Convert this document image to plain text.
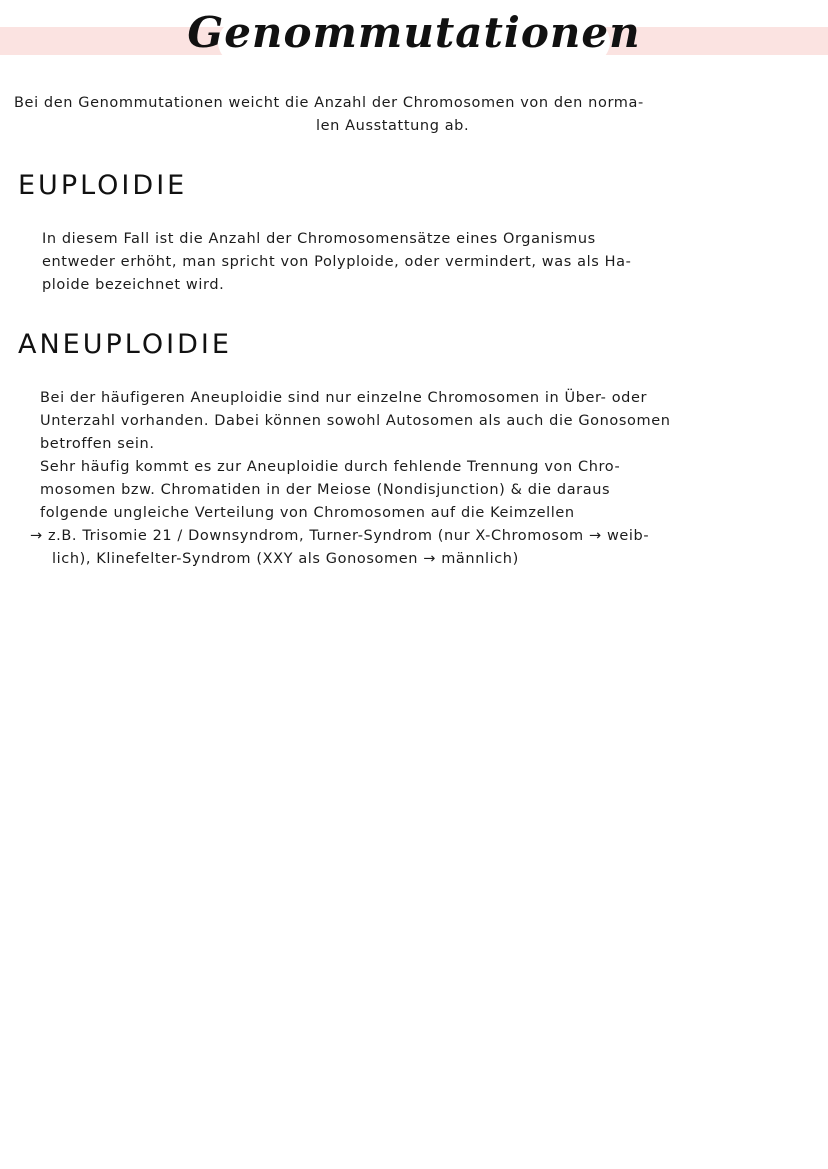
Genommutationen
Bei den Genommutationen weicht die Anzahl der Chromosomen von den norma-
len Ausstattung ab.
EUPLOIDIE
In diesem Fall ist die Anzahl der Chromosomensätze eines Organismus
entweder erhöht, man spricht von Polyploide, oder vermindert, was als Ha-
ploide bezeichnet wird.
ANEUPLOIDIE
Bei der häufigeren Aneuploidie sind nur einzelne Chromosomen in Über- oder
Unterzahl vorhanden. Dabei können sowohl Autosomen als auch die Gonosomen
betroffen sein.
Sehr häufig kommt es zur Aneuploidie durch fehlende Trennung von Chro-
mosomen bzw. Chromatiden in der Meiose (Nondisjunction) & die daraus
folgende ungleiche Verteilung von Chromosomen auf die Keimzellen
→ z.B. Trisomie 21 / Downsyndrom, Turner-Syndrom (nur X-Chromosom → weib-
lich), Klinefelter-Syndrom (XXY als Gonosomen → männlich)
